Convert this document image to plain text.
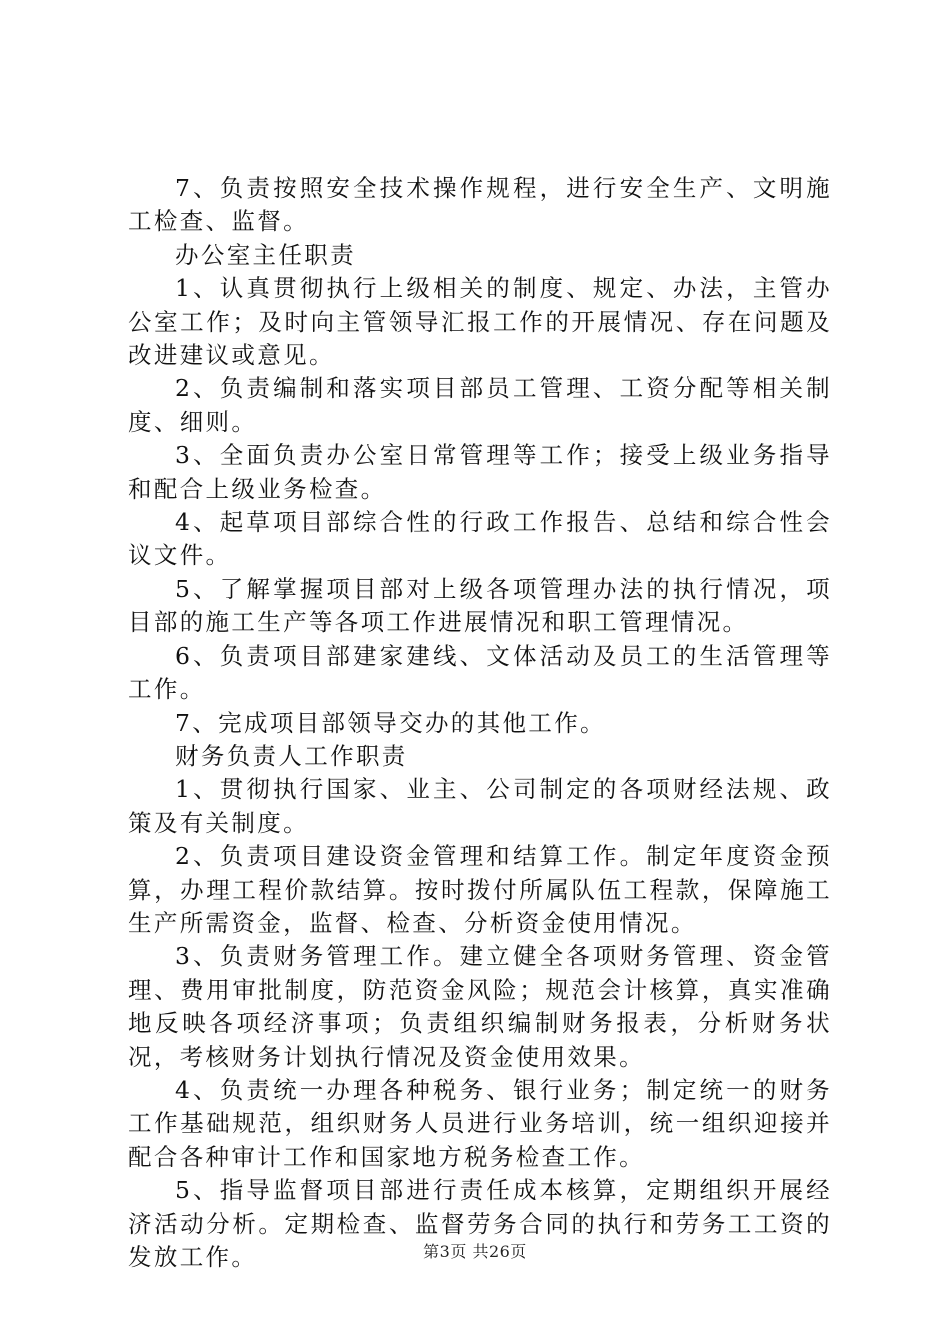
7、负责按照安全技术操作规程，进行安全生产、文明施工检查、监督。

办公室主任职责

1、认真贯彻执行上级相关的制度、规定、办法，主管办公室工作；及时向主管领导汇报工作的开展情况、存在问题及改进建议或意见。

2、负责编制和落实项目部员工管理、工资分配等相关制度、细则。

3、全面负责办公室日常管理等工作；接受上级业务指导和配合上级业务检查。

4、起草项目部综合性的行政工作报告、总结和综合性会议文件。

5、了解掌握项目部对上级各项管理办法的执行情况，项目部的施工生产等各项工作进展情况和职工管理情况。

6、负责项目部建家建线、文体活动及员工的生活管理等工作。

7、完成项目部领导交办的其他工作。

财务负责人工作职责

1、贯彻执行国家、业主、公司制定的各项财经法规、政策及有关制度。

2、负责项目建设资金管理和结算工作。制定年度资金预算，办理工程价款结算。按时拨付所属队伍工程款，保障施工生产所需资金，监督、检查、分析资金使用情况。

3、负责财务管理工作。建立健全各项财务管理、资金管理、费用审批制度，防范资金风险；规范会计核算，真实准确地反映各项经济事项；负责组织编制财务报表，分析财务状况，考核财务计划执行情况及资金使用效果。

4、负责统一办理各种税务、银行业务；制定统一的财务工作基础规范，组织财务人员进行业务培训，统一组织迎接并配合各种审计工作和国家地方税务检查工作。

5、指导监督项目部进行责任成本核算，定期组织开展经济活动分析。定期检查、监督劳务合同的执行和劳务工工资的发放工作。	第3页 共26页
